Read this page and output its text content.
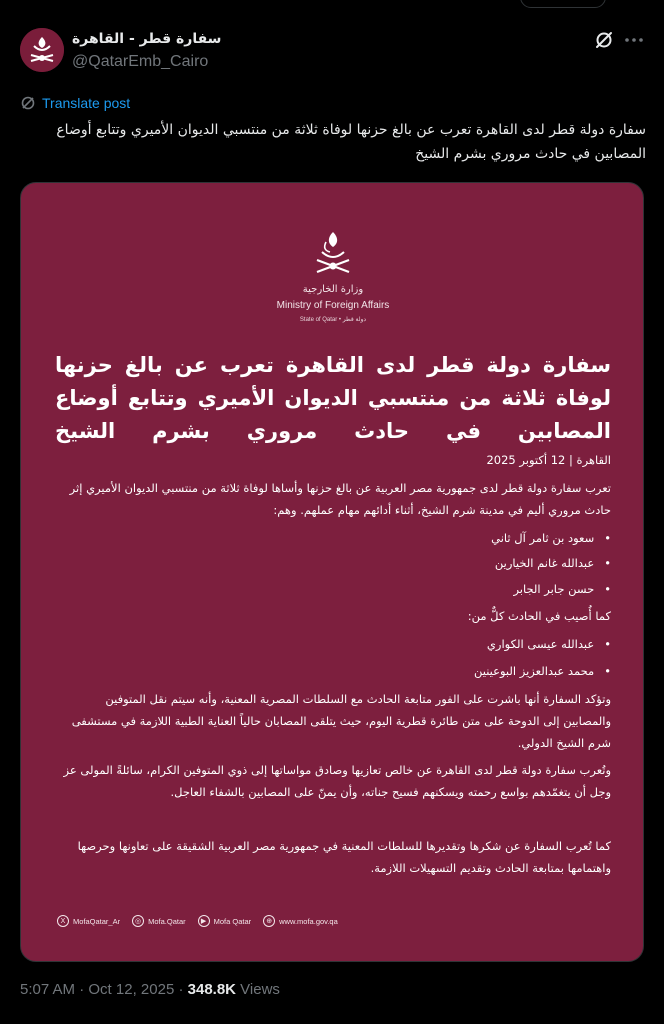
سفارة قطر - القاهرة
@QatarEmb_Cairo
Translate post
سفارة دولة قطر لدى القاهرة تعرب عن بالغ حزنها لوفاة ثلاثة من منتسبي الديوان الأميري وتتابع أوضاع المصابين في حادث مروري بشرم الشيخ
وزارة الخارجية
Ministry of Foreign Affairs
State of Qatar • دولة قطر
سفارة دولة قطر لدى القاهرة تعرب عن بالغ حزنها لوفاة ثلاثة من منتسبي الديوان الأميري وتتابع أوضاع المصابين في حادث مروري بشرم الشيخ
القاهرة | 12 أكتوبر 2025
تعرب سفارة دولة قطر لدى جمهورية مصر العربية عن بالغ حزنها وأساها لوفاة ثلاثة من منتسبي الديوان الأميري إثر حادث مروري أليم في مدينة شرم الشيخ، أثناء أدائهم مهام عملهم. وهم:
• سعود بن ثامر آل ثاني
• عبدالله غانم الخيارين
• حسن جابر الجابر
كما أُصيب في الحادث كلٌّ من:
• عبدالله عيسى الكواري
• محمد عبدالعزيز البوعينين
وتؤكد السفارة أنها باشرت على الفور متابعة الحادث مع السلطات المصرية المعنية، وأنه سيتم نقل المتوفين والمصابين إلى الدوحة على متن طائرة قطرية اليوم، حيث يتلقى المصابان حالياً العناية الطبية اللازمة في مستشفى شرم الشيخ الدولي.
وتُعرب سفارة دولة قطر لدى القاهرة عن خالص تعازيها وصادق مواساتها إلى ذوي المتوفين الكرام، سائلةً المولى عز وجل أن يتغمّدهم بواسع رحمته ويسكنهم فسيح جناته، وأن يمنّ على المصابين بالشفاء العاجل.
كما تُعرب السفارة عن شكرها وتقديرها للسلطات المعنية في جمهورية مصر العربية الشقيقة على تعاونها وحرصها واهتمامها بمتابعة الحادث وتقديم التسهيلات اللازمة.
X	MofaQatar_Ar	◎ Mofa.Qatar	▶ Mofa Qatar	⊕ www.mofa.gov.qa
5:07 AM · Oct 12, 2025 · 348.8K Views
